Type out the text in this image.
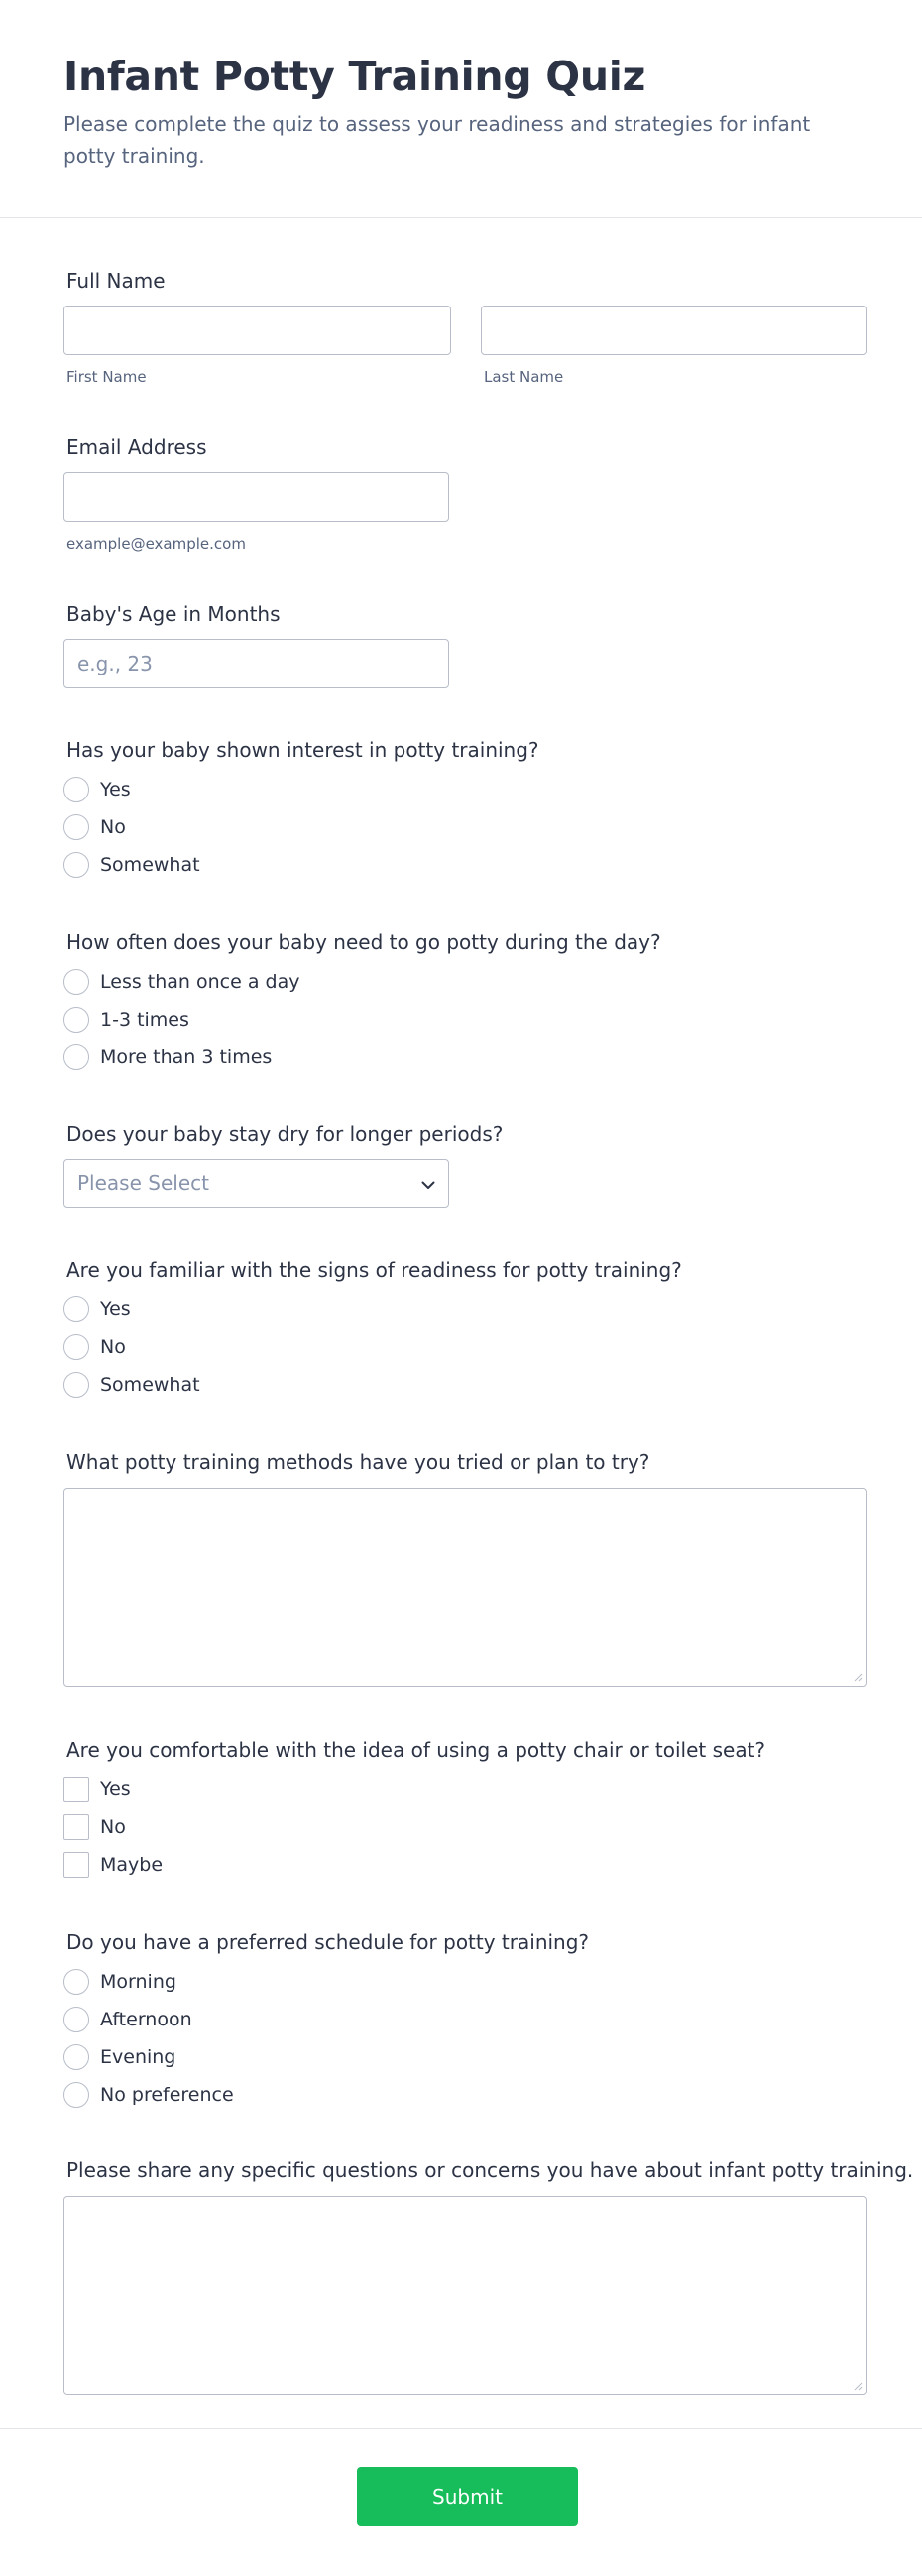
Infant Potty Training Quiz

Please complete the quiz to assess your readiness and strategies for infant potty training.

Full Name
First Name	Last Name
Email Address
example@example.com
Baby's Age in Months
e.g., 23
Has your baby shown interest in potty training?
Yes
No
Somewhat
How often does your baby need to go potty during the day?
Less than once a day
1-3 times
More than 3 times
Does your baby stay dry for longer periods?
Please Select
Are you familiar with the signs of readiness for potty training?
Yes
No
Somewhat
What potty training methods have you tried or plan to try?
Are you comfortable with the idea of using a potty chair or toilet seat?
Yes
No
Maybe
Do you have a preferred schedule for potty training?
Morning
Afternoon
Evening
No preference
Please share any specific questions or concerns you have about infant potty training.
Submit
